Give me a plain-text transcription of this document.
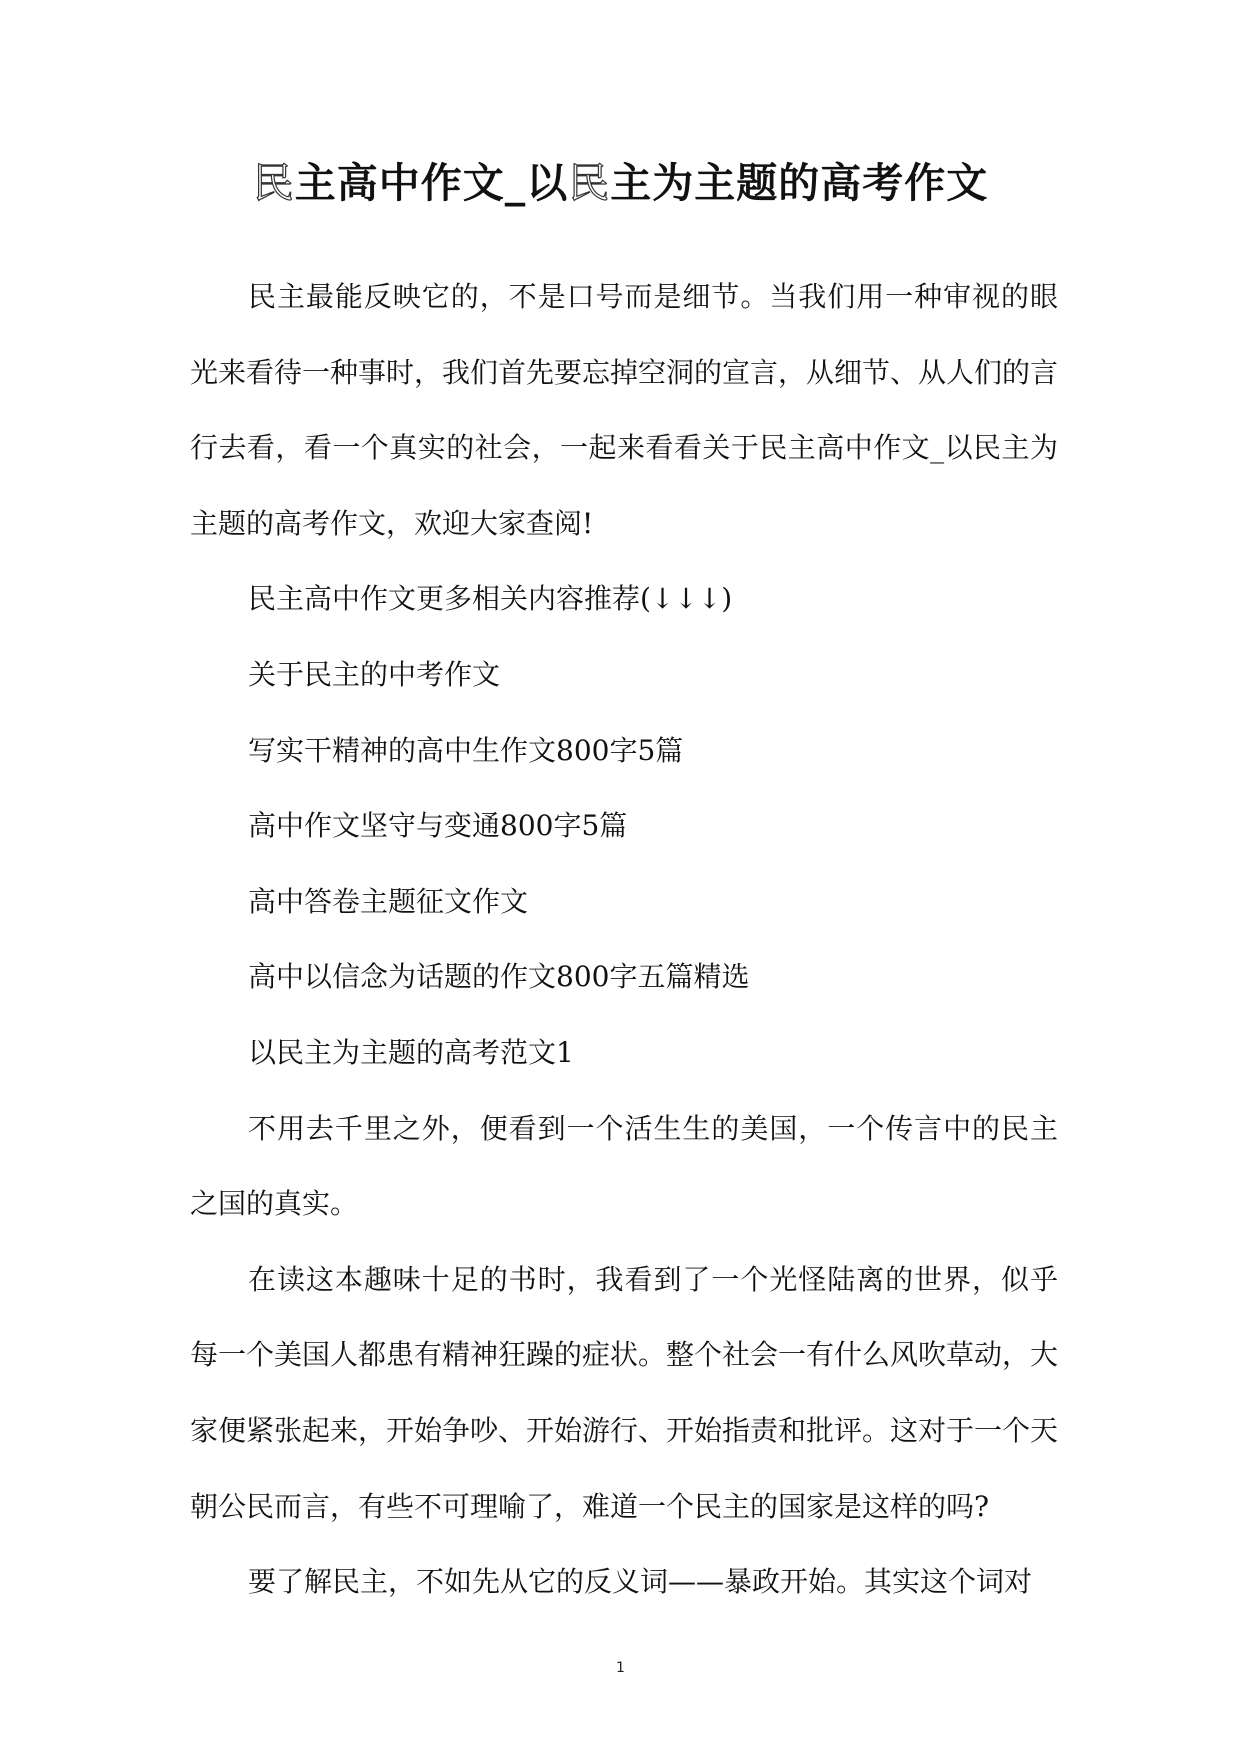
民主高中作文_以民主为主题的高考作文

民主最能反映它的，不是口号而是细节。当我们用一种审视的眼光来看待一种事时，我们首先要忘掉空洞的宣言，从细节、从人们的言行去看，看一个真实的社会，一起来看看关于民主高中作文_以民主为主题的高考作文，欢迎大家查阅!

民主高中作文更多相关内容推荐(↓↓↓)

关于民主的中考作文

写实干精神的高中生作文800字5篇

高中作文坚守与变通800字5篇

高中答卷主题征文作文

高中以信念为话题的作文800字五篇精选

以民主为主题的高考范文1

不用去千里之外，便看到一个活生生的美国，一个传言中的民主之国的真实。

在读这本趣味十足的书时，我看到了一个光怪陆离的世界，似乎每一个美国人都患有精神狂躁的症状。整个社会一有什么风吹草动，大家便紧张起来，开始争吵、开始游行、开始指责和批评。这对于一个天朝公民而言，有些不可理喻了，难道一个民主的国家是这样的吗?

要了解民主，不如先从它的反义词——暴政开始。其实这个词对

1
